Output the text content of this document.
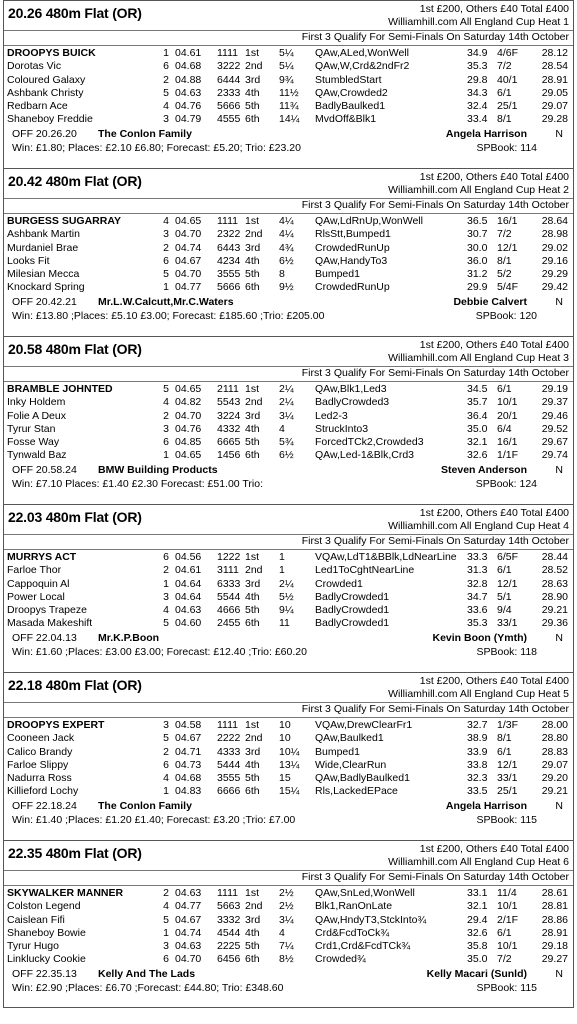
20.26 480m Flat (OR)	1st £200, Others £40 Total £400
Williamhill.com All England Cup Heat 1
First 3 Qualify For Semi-Finals On Saturday 14th October
DROOPYS BUICK	1 04.61 1111 1st 5¼ QAw,ALed,WonWell	34.9 4/6F 28.12
Dorotas Vic	6 04.68 3222 2nd 5¼ QAw,W,Crd&2ndFr2	35.3 7/2	28.54
Coloured Galaxy	2 04.88 6444 3rd 9¾ StumbledStart	29.8 40/1 28.91
Ashbank Christy	5 04.63 2333 4th 11½ QAw,Crowded2	34.3 6/1	29.05
Redbarn Ace	4 04.76 5666 5th 11¾ BadlyBaulked1	32.4 25/1 29.07
Shaneboy Freddie	3 04.79 4555 6th 14¼ MvdOff&Blk1	33.4 8/1	29.28
OFF 20.26.20 The Conlon Family	Angela Harrison	N
Win: £1.80; Places: £2.10 £6.80; Forecast: £5.20; Trio: £23.20	SPBook: 114
20.42 480m Flat (OR)	1st £200, Others £40 Total £400
Williamhill.com All England Cup Heat 2
First 3 Qualify For Semi-Finals On Saturday 14th October
BURGESS SUGARRAY	4 04.65 1111 1st 4¼ QAw,LdRnUp,WonWell	36.5 16/1 28.64
Ashbank Martin	3 04.70 2322 2nd 4¼ RlsStt,Bumped1	30.7 7/2	28.98
Murdaniel Brae	2 04.74 6443 3rd 4¾ CrowdedRunUp	30.0 12/1 29.02
Looks Fit	6 04.67 4234 4th 6½ QAw,HandyTo3	36.0 8/1	29.16
Milesian Mecca	5 04.70 3555 5th 8	Bumped1	31.2 5/2	29.29
Knockard Spring	1 04.77 5666 6th 9½ CrowdedRunUp	29.9 5/4F 29.42
OFF 20.42.21 Mr.L.W.Calcutt,Mr.C.Waters	Debbie Calvert	N
Win: £13.80 ;Places: £5.10 £3.00; Forecast: £185.60 ;Trio: £205.00	SPBook: 120
20.58 480m Flat (OR)	1st £200, Others £40 Total £400
Williamhill.com All England Cup Heat 3
First 3 Qualify For Semi-Finals On Saturday 14th October
BRAMBLE JOHNTED	5 04.65 2111 1st 2¼ QAw,Blk1,Led3	34.5 6/1	29.19
Inky Holdem	4 04.82 5543 2nd 2¼ BadlyCrowded3	35.7 10/1 29.37
Folie A Deux	2 04.70 3224 3rd 3¼ Led2-3	36.4 20/1 29.46
Tyrur Stan	3 04.76 4332 4th 4	StruckInto3	35.0 6/4	29.52
Fosse Way	6 04.85 6665 5th 5¾ ForcedTCk2,Crowded3	32.1 16/1 29.67
Tynwald Baz	1 04.65 1456 6th 6½ QAw,Led-1&Blk,Crd3	32.6 1/1F 29.74
OFF 20.58.24 BMW Building Products	Steven Anderson	N
Win: £7.10 Places: £1.40 £2.30 Forecast: £51.00 Trio:	SPBook: 124
22.03 480m Flat (OR)	1st £200, Others £40 Total £400
Williamhill.com All England Cup Heat 4
First 3 Qualify For Semi-Finals On Saturday 14th October
MURRYS ACT	6 04.56 1222 1st 1	VQAw,LdT1&BBlk,LdNearLine 33.3 6/5F 28.44
Farloe Thor	2 04.61 3111 2nd 1	Led1ToCghtNearLine	31.3 6/1	28.52
Cappoquin Al	1 04.64 6333 3rd 2¼ Crowded1	32.8 12/1 28.63
Power Local	3 04.64 5544 4th 5½ BadlyCrowded1	34.7 5/1	28.90
Droopys Trapeze	4 04.63 4666 5th 9¼ BadlyCrowded1	33.6 9/4	29.21
Masada Makeshift	5 04.60 2455 6th 11 BadlyCrowded1	35.3 33/1 29.36
OFF 22.04.13 Mr.K.P.Boon	Kevin Boon (Ymth)	N
Win: £1.60 ;Places: £3.00 £3.00; Forecast: £12.40 ;Trio: £60.20	SPBook: 118
22.18 480m Flat (OR)	1st £200, Others £40 Total £400
Williamhill.com All England Cup Heat 5
First 3 Qualify For Semi-Finals On Saturday 14th October
DROOPYS EXPERT	3 04.58 1111 1st 10 VQAw,DrewClearFr1	32.7 1/3F 28.00
Cooneen Jack	5 04.67 2222 2nd 10 QAw,Baulked1	38.9 8/1	28.80
Calico Brandy	2 04.71 4333 3rd 10¼ Bumped1	33.9 6/1	28.83
Farloe Slippy	6 04.73 5444 4th 13¼ Wide,ClearRun	33.8 12/1 29.07
Nadurra Ross	4 04.68 3555 5th 15 QAw,BadlyBaulked1	32.3 33/1 29.20
Killieford Lochy	1 04.83 6666 6th 15¼ Rls,LackedEPace	33.5 25/1 29.21
OFF 22.18.24 The Conlon Family	Angela Harrison	N
Win: £1.40 ;Places: £1.20 £1.40; Forecast: £3.20 ;Trio: £7.00	SPBook: 115
22.35 480m Flat (OR)	1st £200, Others £40 Total £400
Williamhill.com All England Cup Heat 6
First 3 Qualify For Semi-Finals On Saturday 14th October
SKYWALKER MANNER	2 04.63 1111 1st 2½ QAw,SnLed,WonWell	33.1 11/4 28.61
Colston Legend	4 04.77 5663 2nd 2½ Blk1,RanOnLate	32.1 10/1 28.81
Caislean Fifi	5 04.67 3332 3rd 3¼ QAw,HndyT3,StckInto¾	29.4 2/1F 28.86
Shaneboy Bowie	1 04.74 4544 4th 4	Crd&FcdToCk¾	32.6 6/1	28.91
Tyrur Hugo	3 04.63 2225 5th 7¼ Crd1,Crd&FcdTCk¾	35.8 10/1 29.18
Linklucky Cookie	6 04.70 6456 6th 8½ Crowded¾	35.0 7/2	29.27
OFF 22.35.13 Kelly And The Lads	Kelly Macari (Sunld)	N
Win: £2.90 ;Places: £6.70 ;Forecast: £44.80; Trio: £348.60	SPBook: 115
